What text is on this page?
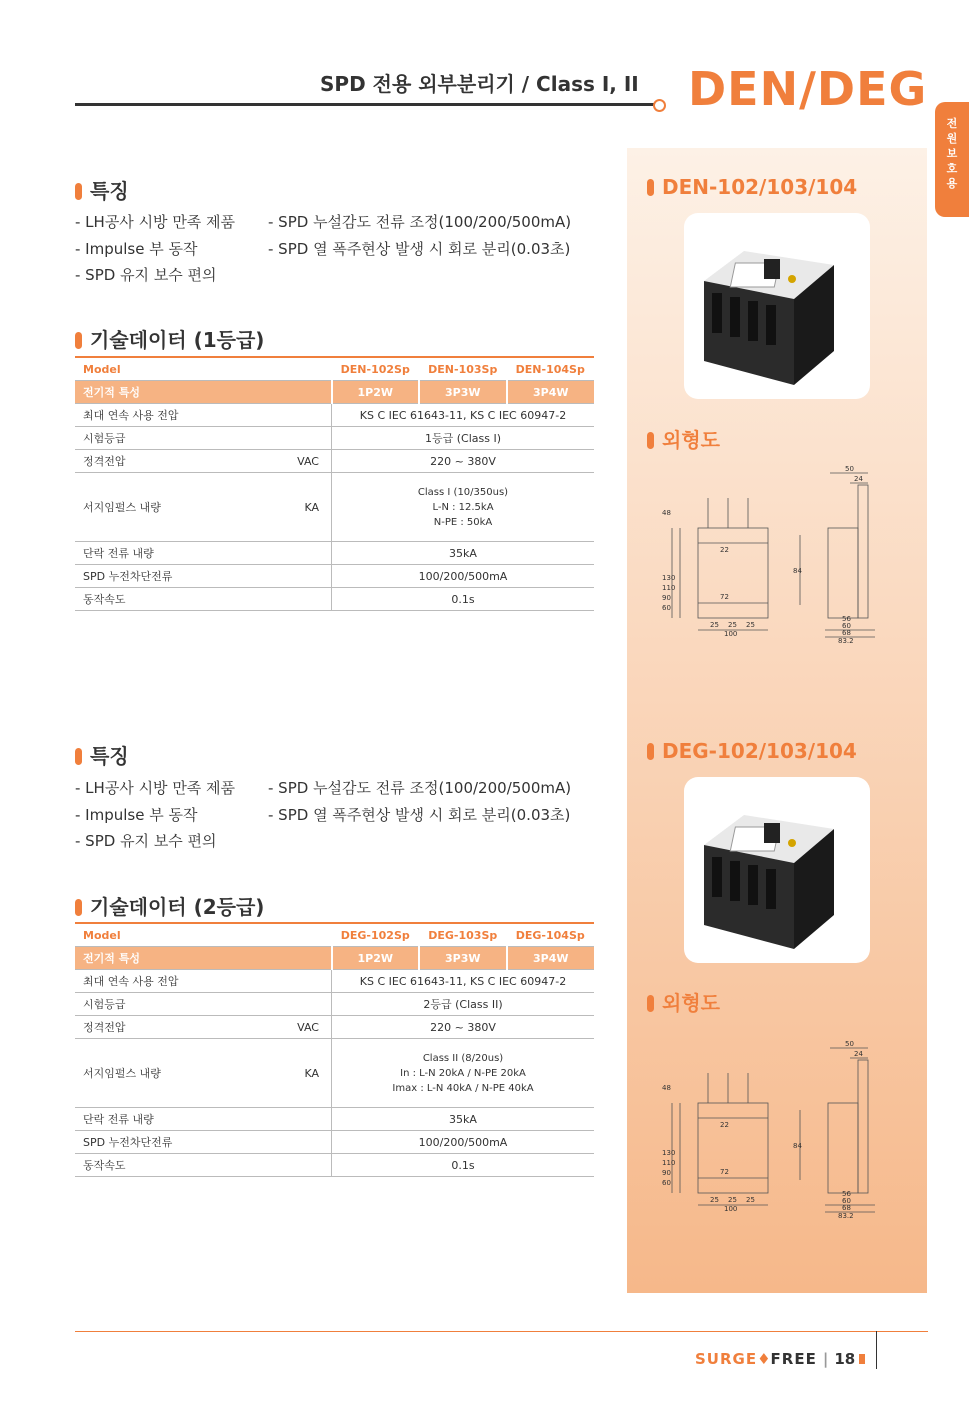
SPD 전용 외부분리기 / Class I, II DEN/DEG
전원보호용
특징
- LH공사 시방 만족 제품
- Impulse 부 동작
- SPD 유지 보수 편의
- SPD 누설감도 전류 조정(100/200/500mA)
- SPD 열 폭주현상 발생 시 회로 분리(0.03초)
기술데이터 (1등급)
Model		DEN-102Sp	DEN-103Sp	DEN-104Sp
전기적 특성		1P2W	3P3W	3P4W
최대 연속 사용 전압		KS C IEC 61643-11, KS C IEC 60947-2		
시험등급		1등급 (Class I)		
정격전압	VAC	220 ~ 380V		
서지임펄스 내량	KA	Class I (10/350us)
L-N : 12.5kA
N-PE : 50kA		
단락 전류 내량		35kA		
SPD 누전차단전류		100/200/500mA		
동작속도		0.1s		
DEN-102/103/104
외형도
48
22
72
25 25 25
100
130
110
90
60
50
24
84
56
60
68
83.2
특징
- LH공사 시방 만족 제품
- Impulse 부 동작
- SPD 유지 보수 편의
- SPD 누설감도 전류 조정(100/200/500mA)
- SPD 열 폭주현상 발생 시 회로 분리(0.03초)
기술데이터 (2등급)
Model		DEG-102Sp	DEG-103Sp	DEG-104Sp
전기적 특성		1P2W	3P3W	3P4W
최대 연속 사용 전압		KS C IEC 61643-11, KS C IEC 60947-2		
시험등급		2등급 (Class II)		
정격전압	VAC	220 ~ 380V		
서지임펄스 내량	KA	Class II (8/20us)
In : L-N 20kA / N-PE 20kA
Imax : L-N 40kA / N-PE 40kA		
단락 전류 내량		35kA		
SPD 누전차단전류		100/200/500mA		
동작속도		0.1s		
DEG-102/103/104
외형도
48
22
72
25 25 25
100
130
110
90
60
50
24
84
56
60
68
83.2
SURGE♦FREE | 18
